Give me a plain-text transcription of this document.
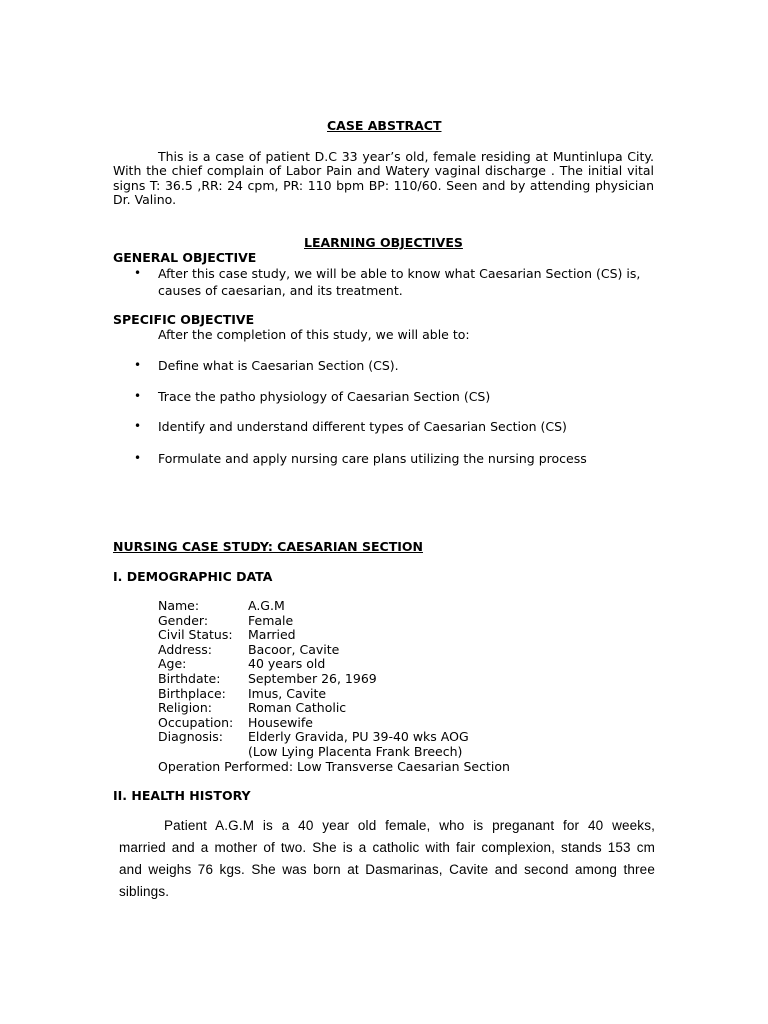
CASE ABSTRACT
This is a case of patient D.C 33 year’s old, female residing at Muntinlupa City.
With the chief complain of Labor Pain and Watery vaginal discharge . The initial vital
signs T: 36.5 ,RR: 24 cpm, PR: 110 bpm BP: 110/60. Seen and by attending physician
Dr. Valino.
LEARNING OBJECTIVES
GENERAL OBJECTIVE
• After this case study, we will be able to know what Caesarian Section (CS) is,
causes of caesarian, and its treatment.
SPECIFIC OBJECTIVE
After the completion of this study, we will able to:
• Define what is Caesarian Section (CS).
• Trace the patho physiology of Caesarian Section (CS)
• Identify and understand different types of Caesarian Section (CS)
• Formulate and apply nursing care plans utilizing the nursing process
NURSING CASE STUDY: CAESARIAN SECTION
I. DEMOGRAPHIC DATA
Name:	A.G.M
Gender:	Female
Civil Status:	Married
Address:	Bacoor, Cavite
Age:	40 years old
Birthdate:	September 26, 1969
Birthplace:	Imus, Cavite
Religion:	Roman Catholic
Occupation:	Housewife
Diagnosis:	Elderly Gravida, PU 39-40 wks AOG
	(Low Lying Placenta Frank Breech)
Operation Performed: Low Transverse Caesarian Section
II. HEALTH HISTORY
Patient A.G.M is a 40 year old female, who is preganant for 40 weeks,
married and a mother of two. She is a catholic with fair complexion, stands 153 cm
and weighs 76 kgs. She was born at Dasmarinas, Cavite and second among three
siblings.
